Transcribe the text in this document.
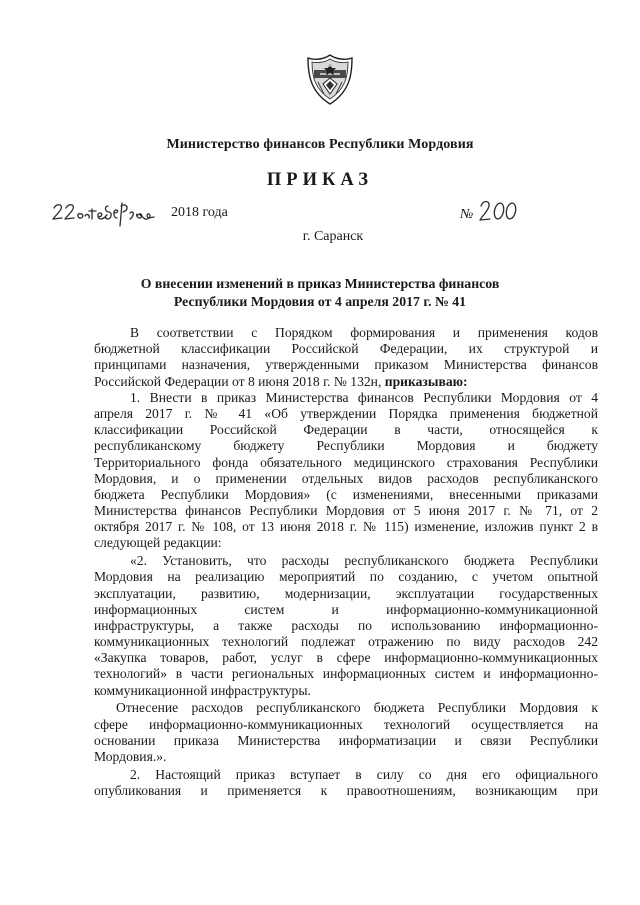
Министерство финансов Республики Мордовия
ПРИКАЗ
2018 года	№
г. Саранск
О внесении изменений в приказ Министерства финансов
Республики Мордовия от 4 апреля 2017 г. № 41
В соответствии с Порядком формирования и применения кодов
бюджетной классификации Российской Федерации, их структурой и
принципами назначения, утвержденными приказом Министерства финансов
Российской Федерации от 8 июня 2018 г. № 132н, приказываю:
1. Внести в приказ Министерства финансов Республики Мордовия от 4
апреля 2017 г. № 41 «Об утверждении Порядка применения бюджетной
классификации Российской Федерации в части, относящейся к
республиканскому бюджету Республики Мордовия и бюджету
Территориального фонда обязательного медицинского страхования Республики
Мордовия, и о применении отдельных видов расходов республиканского
бюджета Республики Мордовия» (с изменениями, внесенными приказами
Министерства финансов Республики Мордовия от 5 июня 2017 г. № 71, от 2
октября 2017 г. № 108, от 13 июня 2018 г. № 115) изменение, изложив пункт 2 в
следующей редакции:
«2. Установить, что расходы республиканского бюджета Республики
Мордовия на реализацию мероприятий по созданию, с учетом опытной
эксплуатации, развитию, модернизации, эксплуатации государственных
информационных систем и информационно-коммуникационной
инфраструктуры, а также расходы по использованию информационно-
коммуникационных технологий подлежат отражению по виду расходов 242
«Закупка товаров, работ, услуг в сфере информационно-коммуникационных
технологий» в части региональных информационных систем и информационно-
коммуникационной инфраструктуры.
Отнесение расходов республиканского бюджета Республики Мордовия к
сфере информационно-коммуникационных технологий осуществляется на
основании приказа Министерства информатизации и связи Республики
Мордовия.».
2. Настоящий приказ вступает в силу со дня его официального
опубликования и применяется к правоотношениям, возникающим при
